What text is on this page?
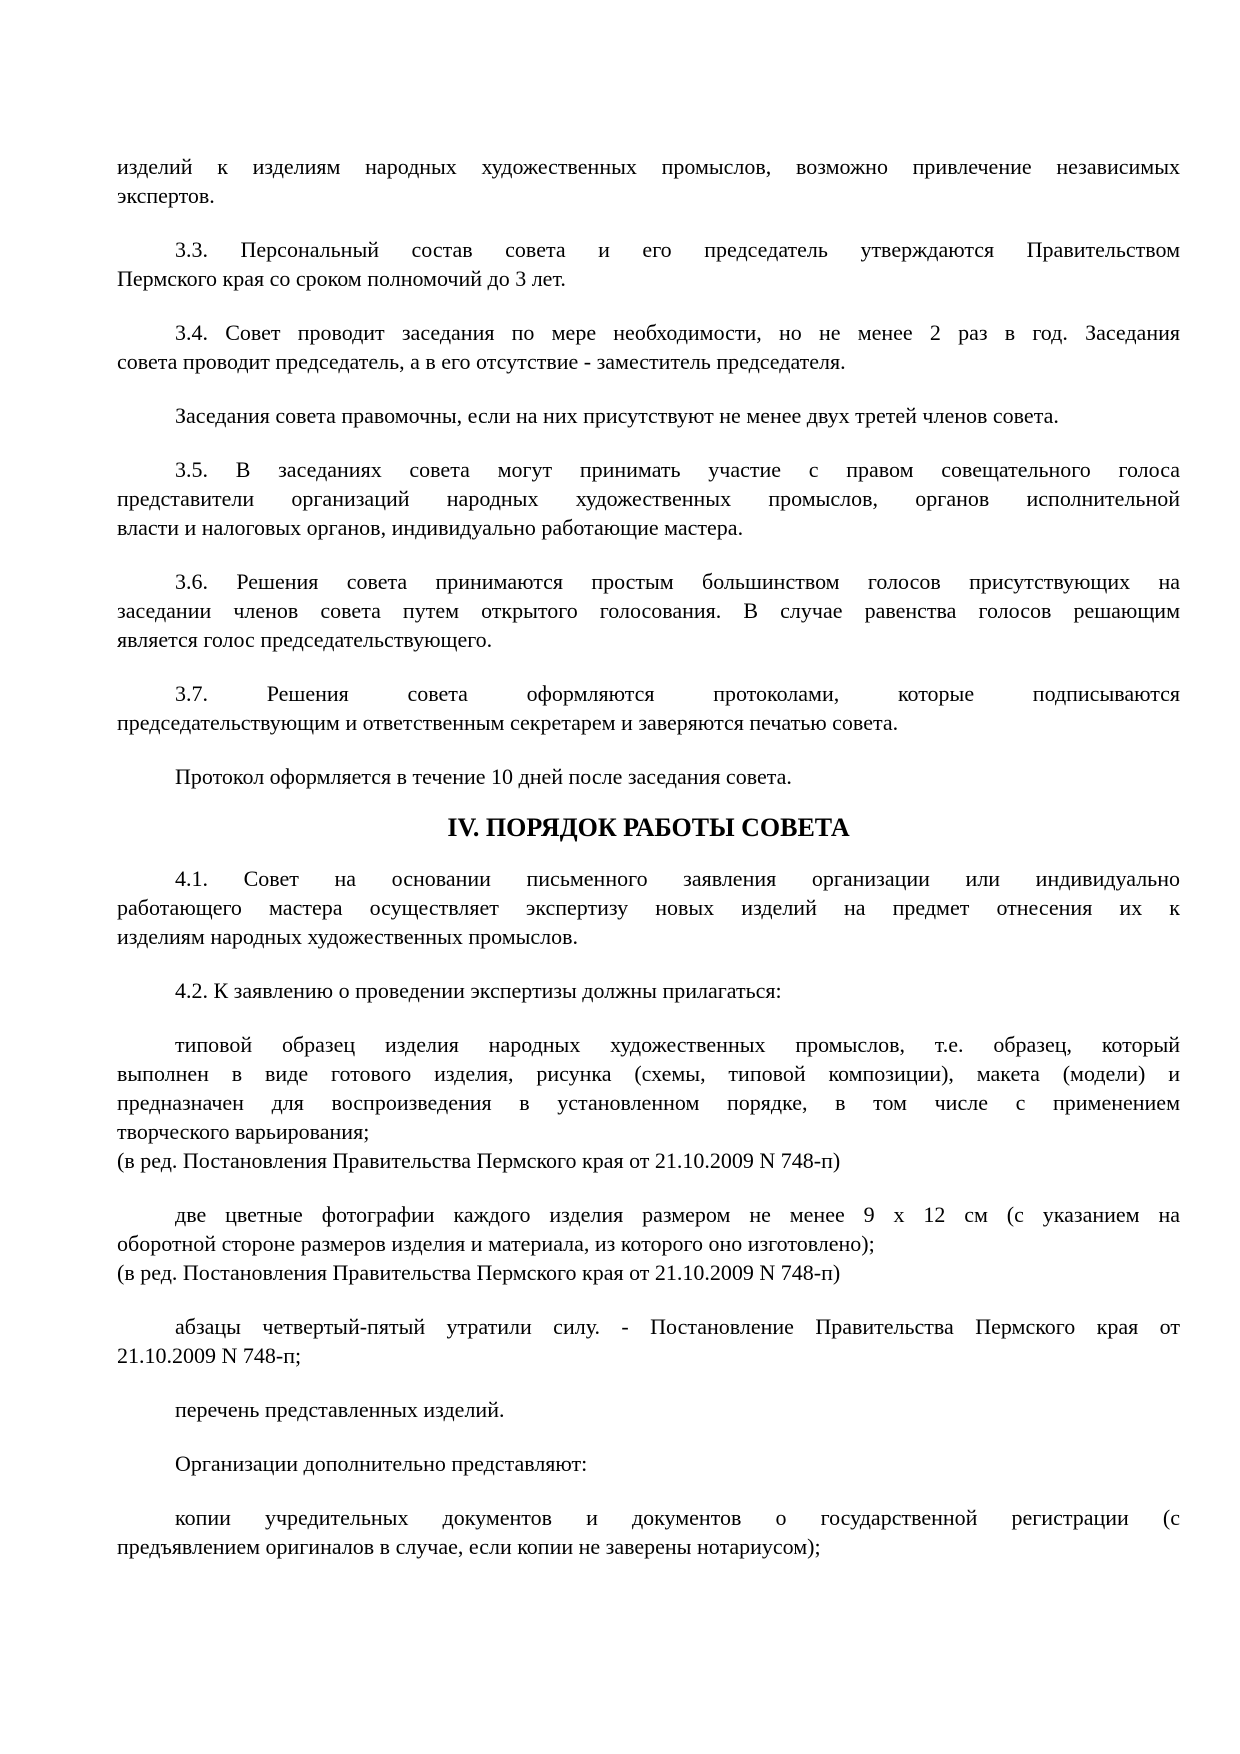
изделий к изделиям народных художественных промыслов, возможно привлечение независимых
экспертов.
3.3. Персональный состав совета и его председатель утверждаются Правительством
Пермского края со сроком полномочий до 3 лет.
3.4. Совет проводит заседания по мере необходимости, но не менее 2 раз в год. Заседания
совета проводит председатель, а в его отсутствие - заместитель председателя.
Заседания совета правомочны, если на них присутствуют не менее двух третей членов совета.
3.5. В заседаниях совета могут принимать участие с правом совещательного голоса
представители организаций народных художественных промыслов, органов исполнительной
власти и налоговых органов, индивидуально работающие мастера.
3.6. Решения совета принимаются простым большинством голосов присутствующих на
заседании членов совета путем открытого голосования. В случае равенства голосов решающим
является голос председательствующего.
3.7. Решения совета оформляются протоколами, которые подписываются
председательствующим и ответственным секретарем и заверяются печатью совета.
Протокол оформляется в течение 10 дней после заседания совета.
IV. ПОРЯДОК РАБОТЫ СОВЕТА
4.1. Совет на основании письменного заявления организации или индивидуально
работающего мастера осуществляет экспертизу новых изделий на предмет отнесения их к
изделиям народных художественных промыслов.
4.2. К заявлению о проведении экспертизы должны прилагаться:
типовой образец изделия народных художественных промыслов, т.е. образец, который
выполнен в виде готового изделия, рисунка (схемы, типовой композиции), макета (модели) и
предназначен для воспроизведения в установленном порядке, в том числе с применением
творческого варьирования;
(в ред. Постановления Правительства Пермского края от 21.10.2009 N 748-п)
две цветные фотографии каждого изделия размером не менее 9 x 12 см (с указанием на
оборотной стороне размеров изделия и материала, из которого оно изготовлено);
(в ред. Постановления Правительства Пермского края от 21.10.2009 N 748-п)
абзацы четвертый-пятый утратили силу. - Постановление Правительства Пермского края от
21.10.2009 N 748-п;
перечень представленных изделий.
Организации дополнительно представляют:
копии учредительных документов и документов о государственной регистрации (с
предъявлением оригиналов в случае, если копии не заверены нотариусом);
